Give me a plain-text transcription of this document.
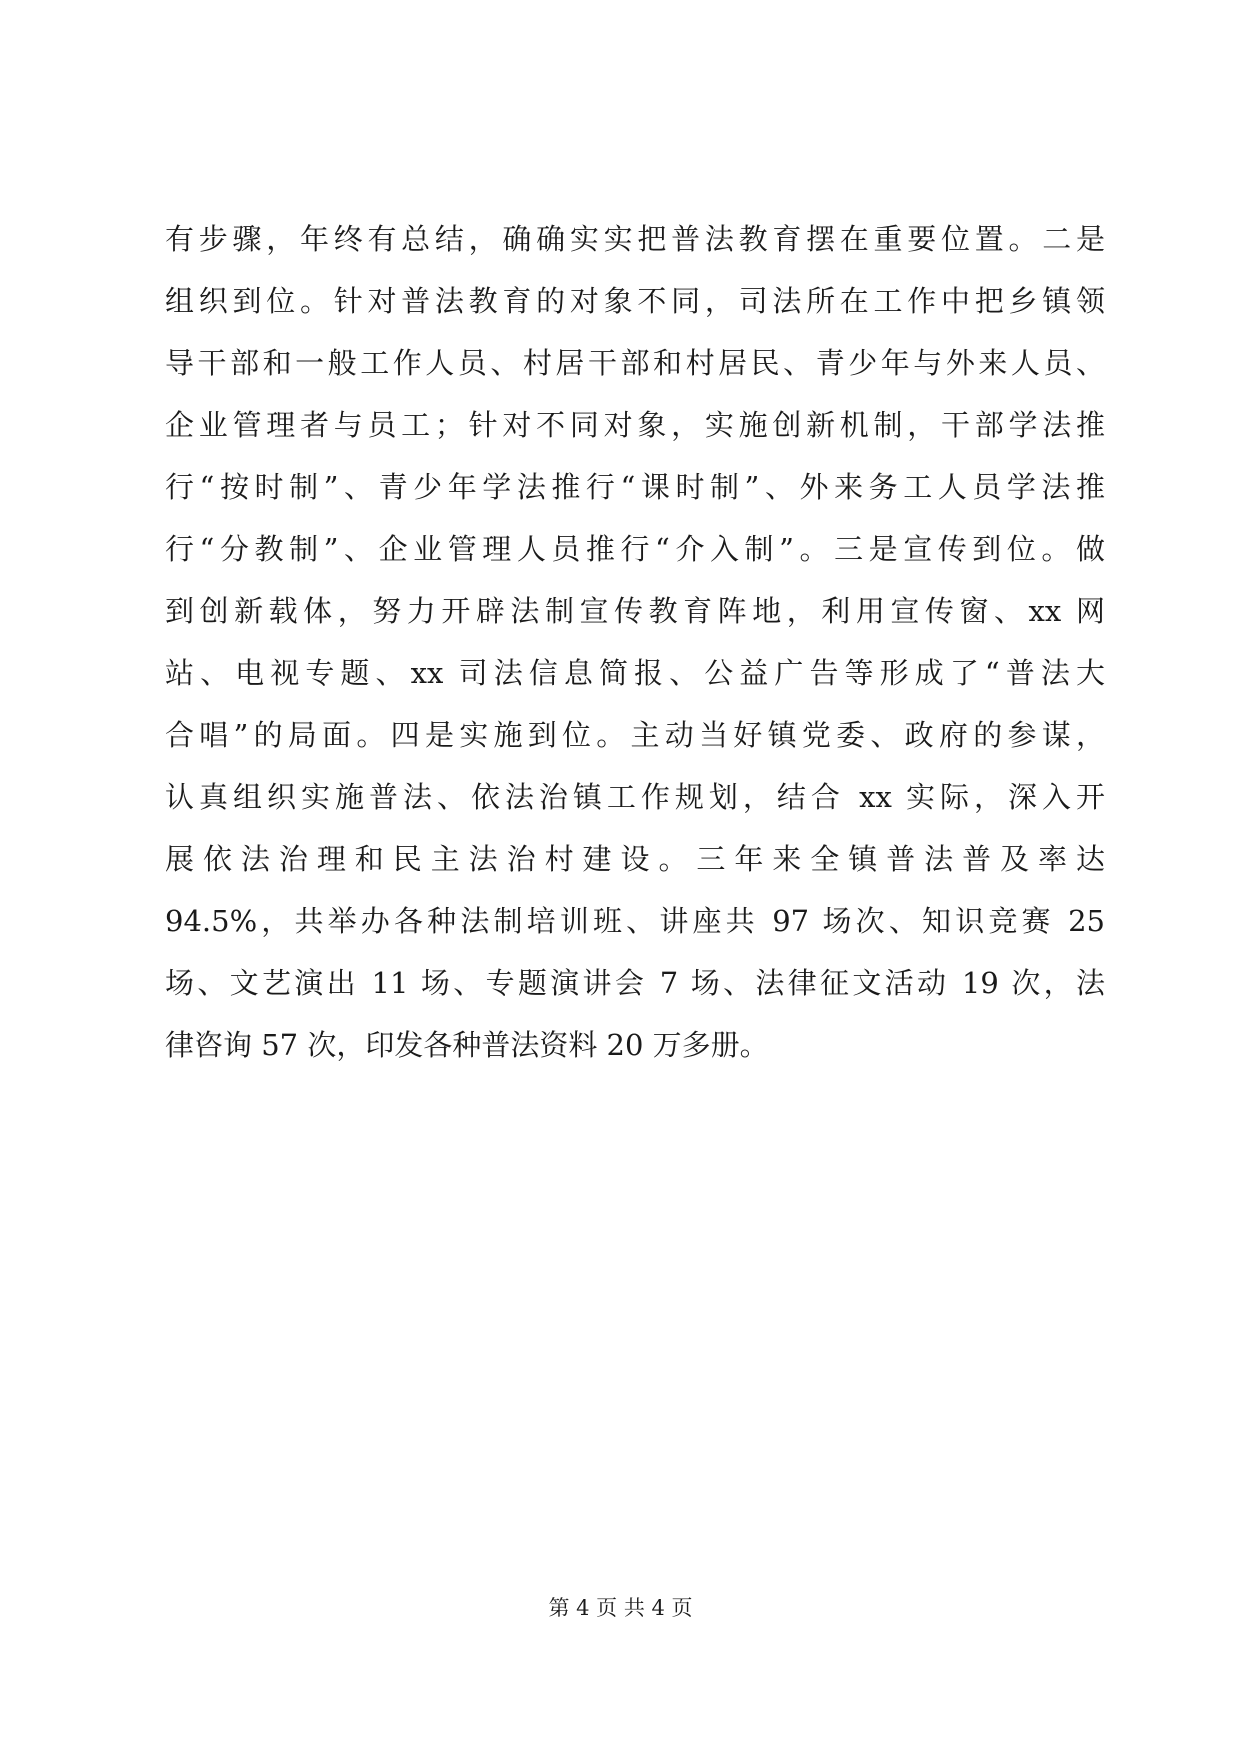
有步骤，年终有总结，确确实实把普法教育摆在重要位置。二是
组织到位。针对普法教育的对象不同，司法所在工作中把乡镇领
导干部和一般工作人员、村居干部和村居民、青少年与外来人员、
企业管理者与员工；针对不同对象，实施创新机制，干部学法推
行“按时制”、青少年学法推行“课时制”、外来务工人员学法推
行“分教制”、企业管理人员推行“介入制”。三是宣传到位。做
到创新载体，努力开辟法制宣传教育阵地，利用宣传窗、xx 网
站、电视专题、xx 司法信息简报、公益广告等形成了“普法大
合唱”的局面。四是实施到位。主动当好镇党委、政府的参谋，
认真组织实施普法、依法治镇工作规划，结合 xx 实际，深入开
展依法治理和民主法治村建设。三年来全镇普法普及率达
94.5%，共举办各种法制培训班、讲座共 97 场次、知识竞赛 25
场、文艺演出 11 场、专题演讲会 7 场、法律征文活动 19 次，法
律咨询 57 次，印发各种普法资料 20 万多册。
第 4 页 共 4 页
